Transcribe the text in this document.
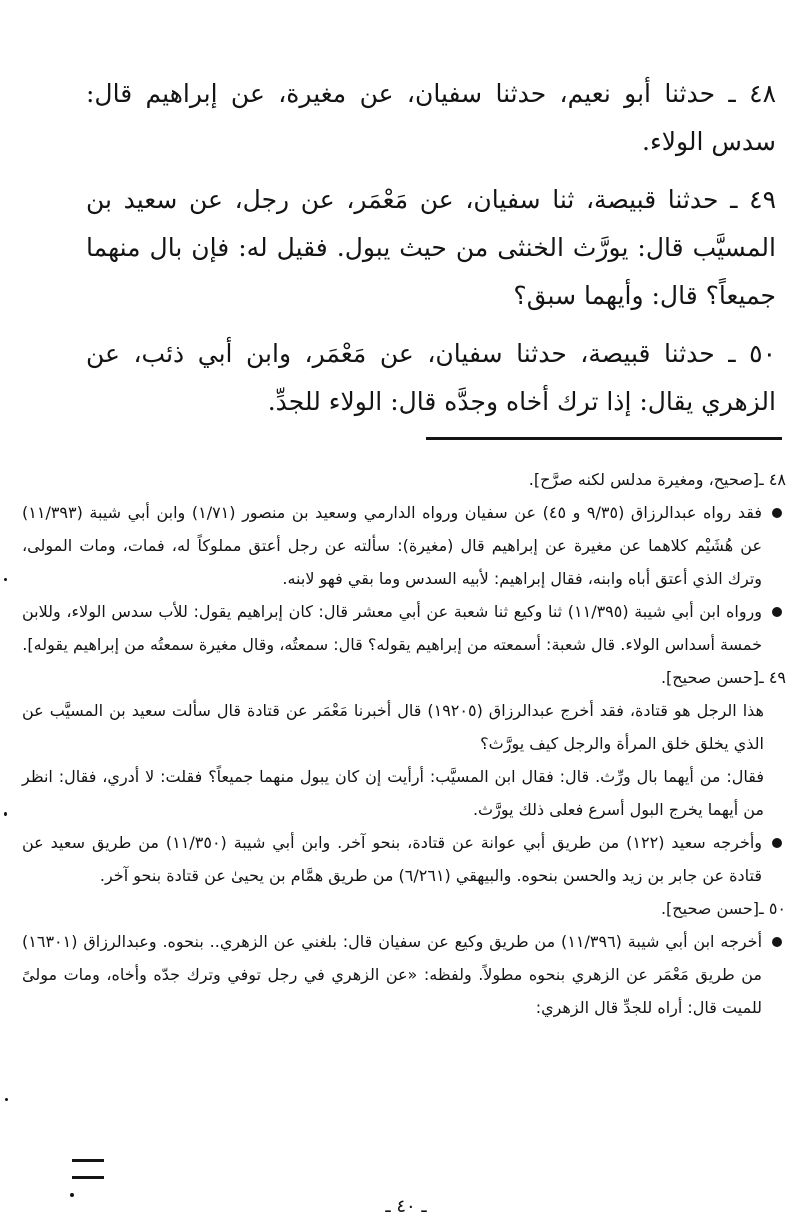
٤٨ ـ حدثنا أبو نعيم، حدثنا سفيان، عن مغيرة، عن إبراهيم قال: سدس الولاء.

٤٩ ـ حدثنا قبيصة، ثنا سفيان، عن مَعْمَر، عن رجل، عن سعيد بن المسيَّب قال: يورَّث الخنثى من حيث يبول. فقيل له: فإن بال منهما جميعاً؟ قال: وأيهما سبق؟

٥٠ ـ حدثنا قبيصة، حدثنا سفيان، عن مَعْمَر، وابن أبي ذئب، عن الزهري يقال: إذا ترك أخاه وجدَّه قال: الولاء للجدِّ.

٤٨ ـ[صحيح، ومغيرة مدلس لكنه صرَّح].

فقد رواه عبدالرزاق (٩/٣٥ و ٤٥) عن سفيان ورواه الدارمي وسعيد بن منصور (١/٧١) وابن أبي شيبة (١١/٣٩٣) عن هُشَيْم كلاهما عن مغيرة عن إبراهيم قال (مغيرة): سألته عن رجل أعتق مملوكاً له، فمات، ومات المولى، وترك الذي أعتق أباه وابنه، فقال إبراهيم: لأبيه السدس وما بقي فهو لابنه.

ورواه ابن أبي شيبة (١١/٣٩٥) ثنا وكيع ثنا شعبة عن أبي معشر قال: كان إبراهيم يقول: للأب سدس الولاء، وللابن خمسة أسداس الولاء. قال شعبة: أسمعته من إبراهيم يقوله؟ قال: سمعتُه، وقال مغيرة سمعتُه من إبراهيم يقوله].

٤٩ ـ[حسن صحيح].

هذا الرجل هو قتادة، فقد أخرج عبدالرزاق (١٩٢٠٥) قال أخبرنا مَعْمَر عن قتادة قال سألت سعيد بن المسيَّب عن الذي يخلق خلق المرأة والرجل كيف يورَّث؟

فقال: من أيهما بال ورِّث. قال: فقال ابن المسيَّب: أرأيت إن كان يبول منهما جميعاً؟ فقلت: لا أدري، فقال: انظر من أيهما يخرج البول أسرع فعلى ذلك يورَّث.

وأخرجه سعيد (١٢٢) من طريق أبي عوانة عن قتادة، بنحو آخر. وابن أبي شيبة (١١/٣٥٠) من طريق سعيد عن قتادة عن جابر بن زيد والحسن بنحوه. والبيهقي (٦/٢٦١) من طريق همَّام بن يحيىٰ عن قتادة بنحو آخر.

٥٠ ـ[حسن صحيح].

أخرجه ابن أبي شيبة (١١/٣٩٦) من طريق وكيع عن سفيان قال: بلغني عن الزهري.. بنحوه. وعبدالرزاق (١٦٣٠١) من طريق مَعْمَر عن الزهري بنحوه مطولاً. ولفظه: «عن الزهري في رجل توفي وترك جدّه وأخاه، ومات مولىً للميت قال: أراه للجدِّ قال الزهري:

ـ ٤٠ ـ
